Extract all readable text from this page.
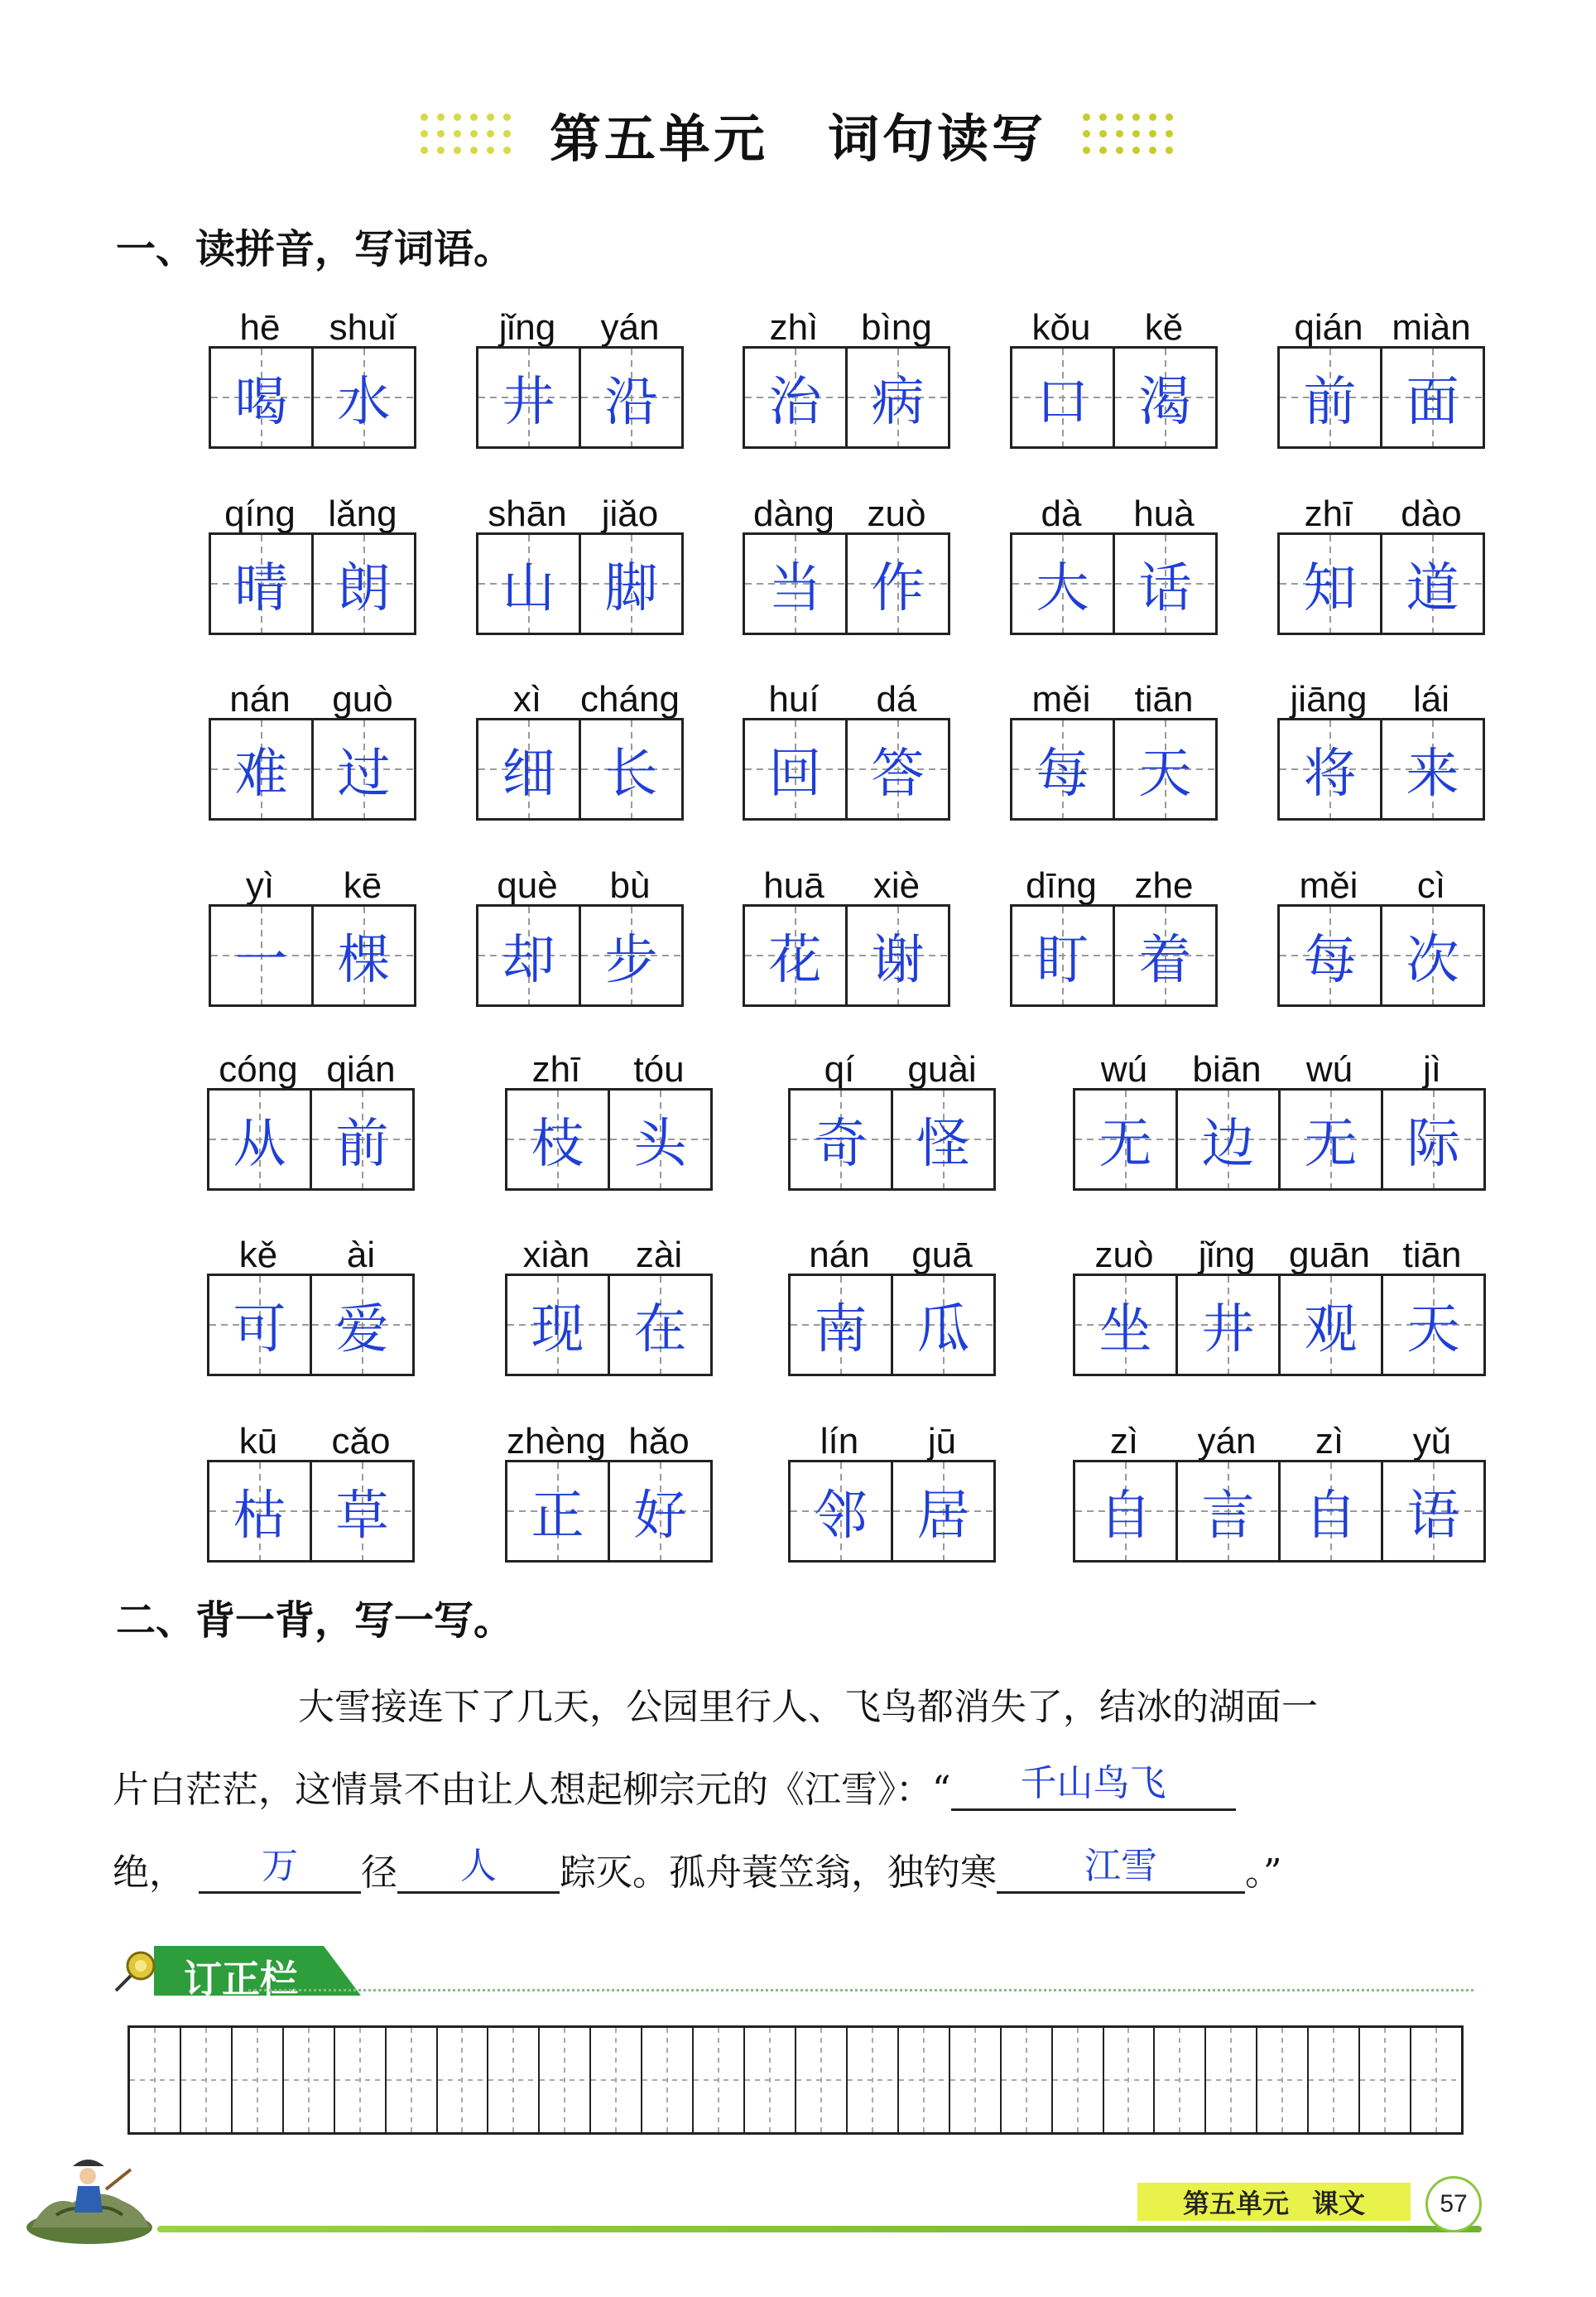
第五单元 词句读写
一、读拼音，写词语。
hē	shuǐ
喝 水
jǐng	yán
井 沿
zhì	bìng
治 病
kǒu	kě
口 渴
qián miàn
前 面
qíng lǎng
晴 朗
shān jiǎo
山 脚
dàng zuò
当 作
dà	huà
大 话
zhī	dào
知 道
nán	guò
难 过
xì	cháng
细 长
huí	dá
回 答
měi	tiān
每 天
jiāng	lái
将 来
yì	kē
一 棵
què	bù
却 步
huā	xiè
花 谢
dīng	zhe
盯 着
měi	cì
每 次
cóng qián
从 前
zhī	tóu
枝 头
qí	guài
奇 怪
wú	biān	wú	jì
无 边 无 际
kě	ài
可 爱
xiàn	zài
现 在
nán	guā
南 瓜
zuò	jǐng guān tiān
坐 井 观 天
kū	cǎo
枯 草
zhèng hǎo
正 好
lín	jū
邻 居
zì	yán	zì	yǔ
自 言 自 语
二、背一背，写一写。
大雪接连下了几天，公园里行人、飞鸟都消失了，结冰的湖面一
片白茫茫，这情景不由让人想起柳宗元的《江雪》：“	千山鸟飞
绝，	万	径	人	踪灭。孤舟蓑笠翁，独钓寒	江雪	。”
订正栏
第五单元 课文	57
